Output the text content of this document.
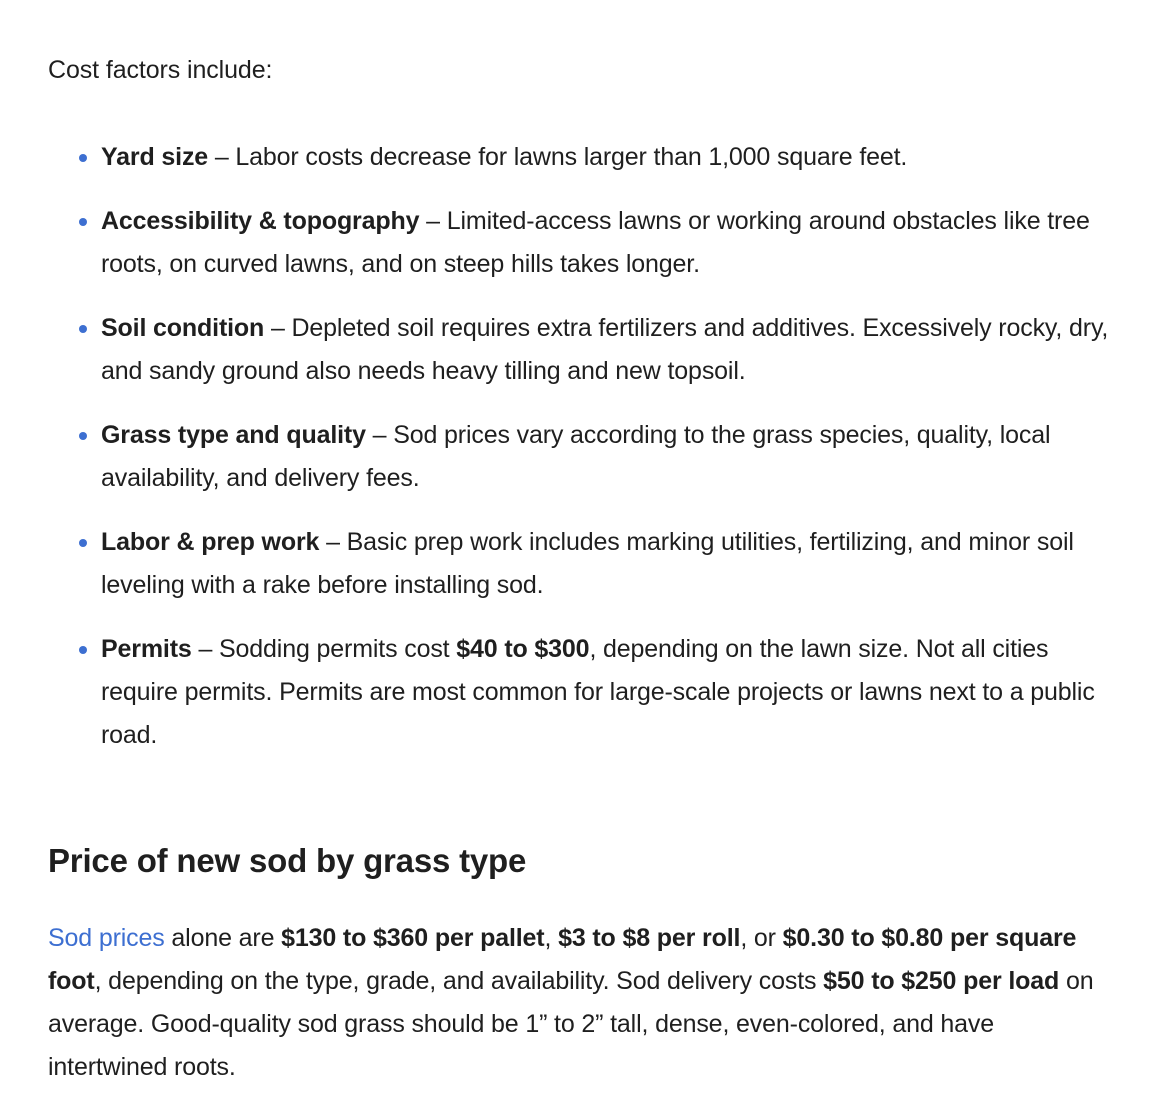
Cost factors include:

Yard size – Labor costs decrease for lawns larger than 1,000 square feet.
Accessibility & topography – Limited-access lawns or working around obstacles like tree roots, on curved lawns, and on steep hills takes longer.
Soil condition – Depleted soil requires extra fertilizers and additives. Excessively rocky, dry, and sandy ground also needs heavy tilling and new topsoil.
Grass type and quality – Sod prices vary according to the grass species, quality, local availability, and delivery fees.
Labor & prep work – Basic prep work includes marking utilities, fertilizing, and minor soil leveling with a rake before installing sod.
Permits – Sodding permits cost $40 to $300, depending on the lawn size. Not all cities require permits. Permits are most common for large-scale projects or lawns next to a public road.
Price of new sod by grass type

Sod prices alone are $130 to $360 per pallet, $3 to $8 per roll, or $0.30 to $0.80 per square foot, depending on the type, grade, and availability. Sod delivery costs $50 to $250 per load on average. Good-quality sod grass should be 1” to 2” tall, dense, even-colored, and have intertwined roots.
